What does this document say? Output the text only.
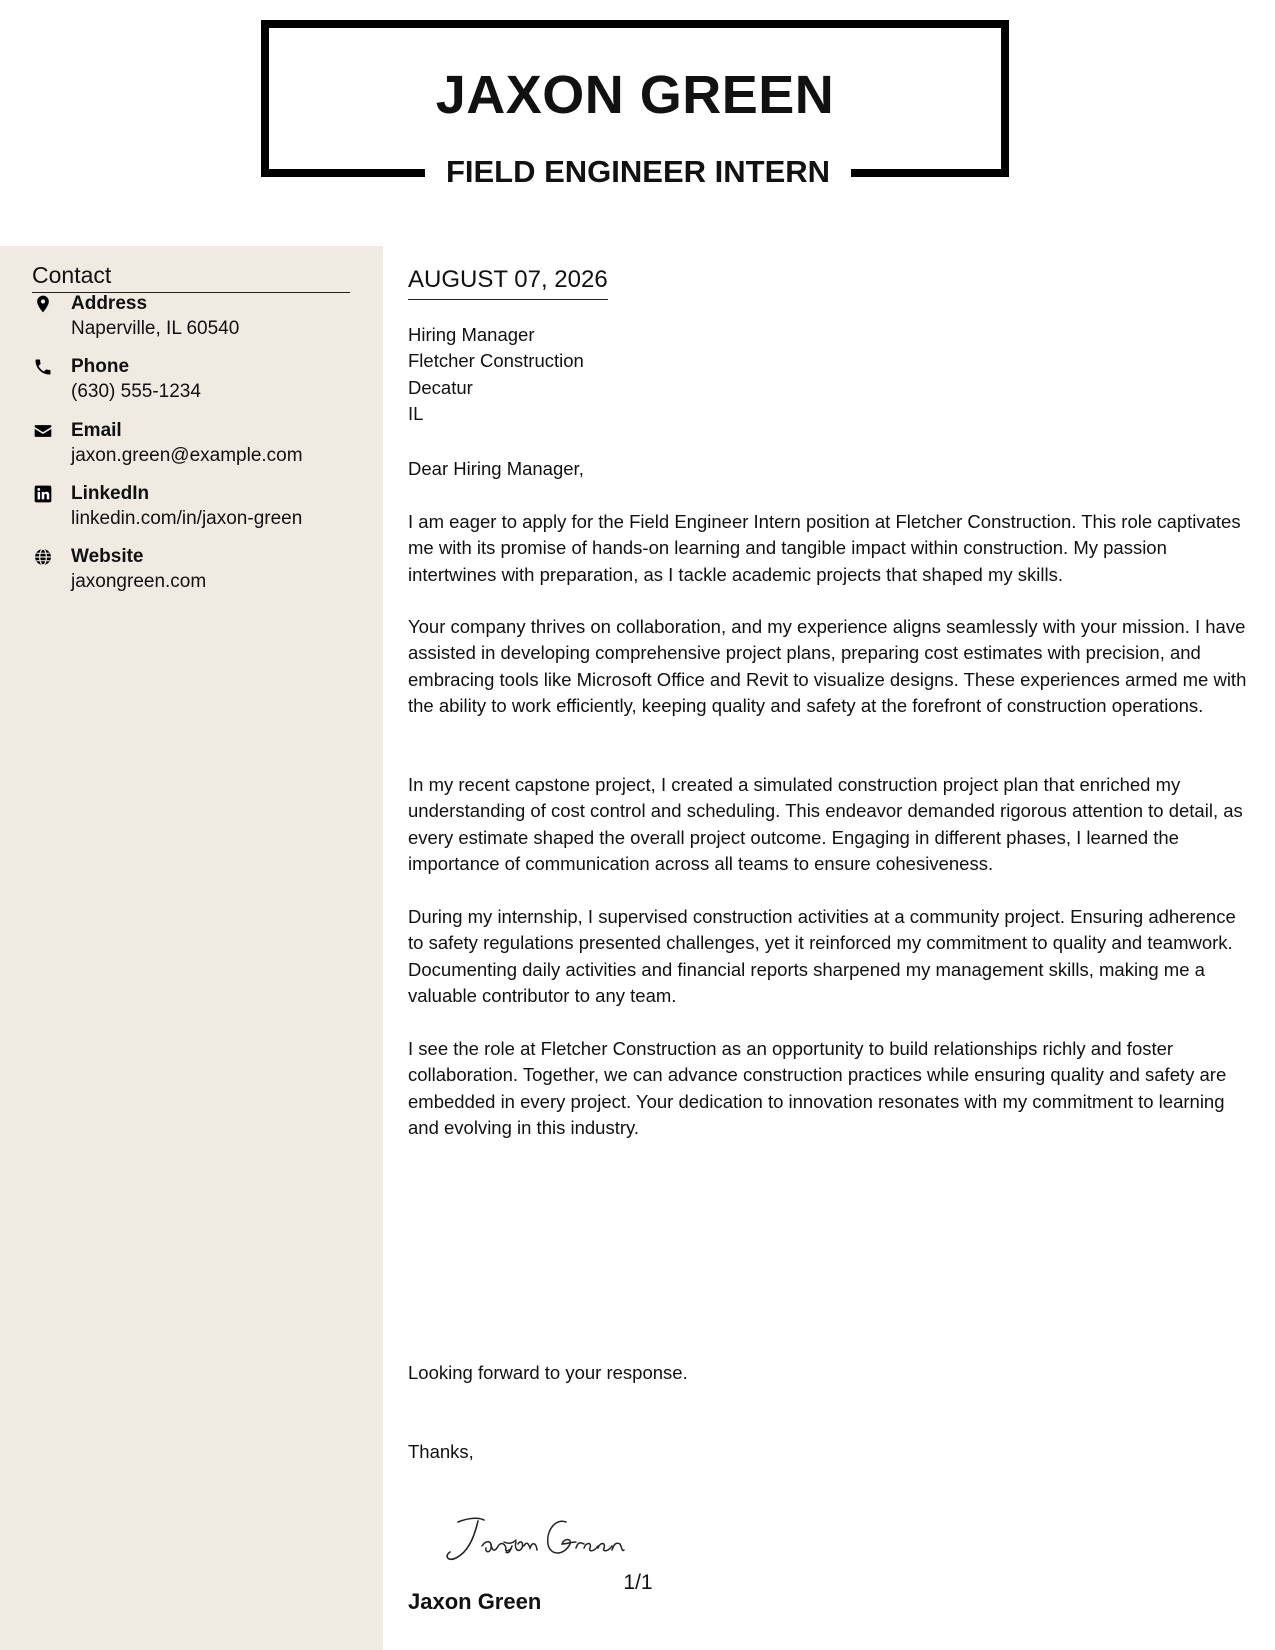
JAXON GREEN
FIELD ENGINEER INTERN
Contact
Address
Naperville, IL 60540
Phone
(630) 555-1234
Email
jaxon.green@example.com
LinkedIn
linkedin.com/in/jaxon-green
Website
jaxongreen.com
AUGUST 07, 2026
Hiring Manager
Fletcher Construction
Decatur
IL
Dear Hiring Manager,

I am eager to apply for the Field Engineer Intern position at Fletcher Construction. This role captivates me with its promise of hands-on learning and tangible impact within construction. My passion intertwines with preparation, as I tackle academic projects that shaped my skills.

Your company thrives on collaboration, and my experience aligns seamlessly with your mission. I have assisted in developing comprehensive project plans, preparing cost estimates with precision, and embracing tools like Microsoft Office and Revit to visualize designs. These experiences armed me with the ability to work efficiently, keeping quality and safety at the forefront of construction operations.

In my recent capstone project, I created a simulated construction project plan that enriched my understanding of cost control and scheduling. This endeavor demanded rigorous attention to detail, as every estimate shaped the overall project outcome. Engaging in different phases, I learned the importance of communication across all teams to ensure cohesiveness.

During my internship, I supervised construction activities at a community project. Ensuring adherence to safety regulations presented challenges, yet it reinforced my commitment to quality and teamwork. Documenting daily activities and financial reports sharpened my management skills, making me a valuable contributor to any team.

I see the role at Fletcher Construction as an opportunity to build relationships richly and foster collaboration. Together, we can advance construction practices while ensuring quality and safety are embedded in every project. Your dedication to innovation resonates with my commitment to learning and evolving in this industry.

Looking forward to your response.
Thanks,
Jaxon Green
1/1
